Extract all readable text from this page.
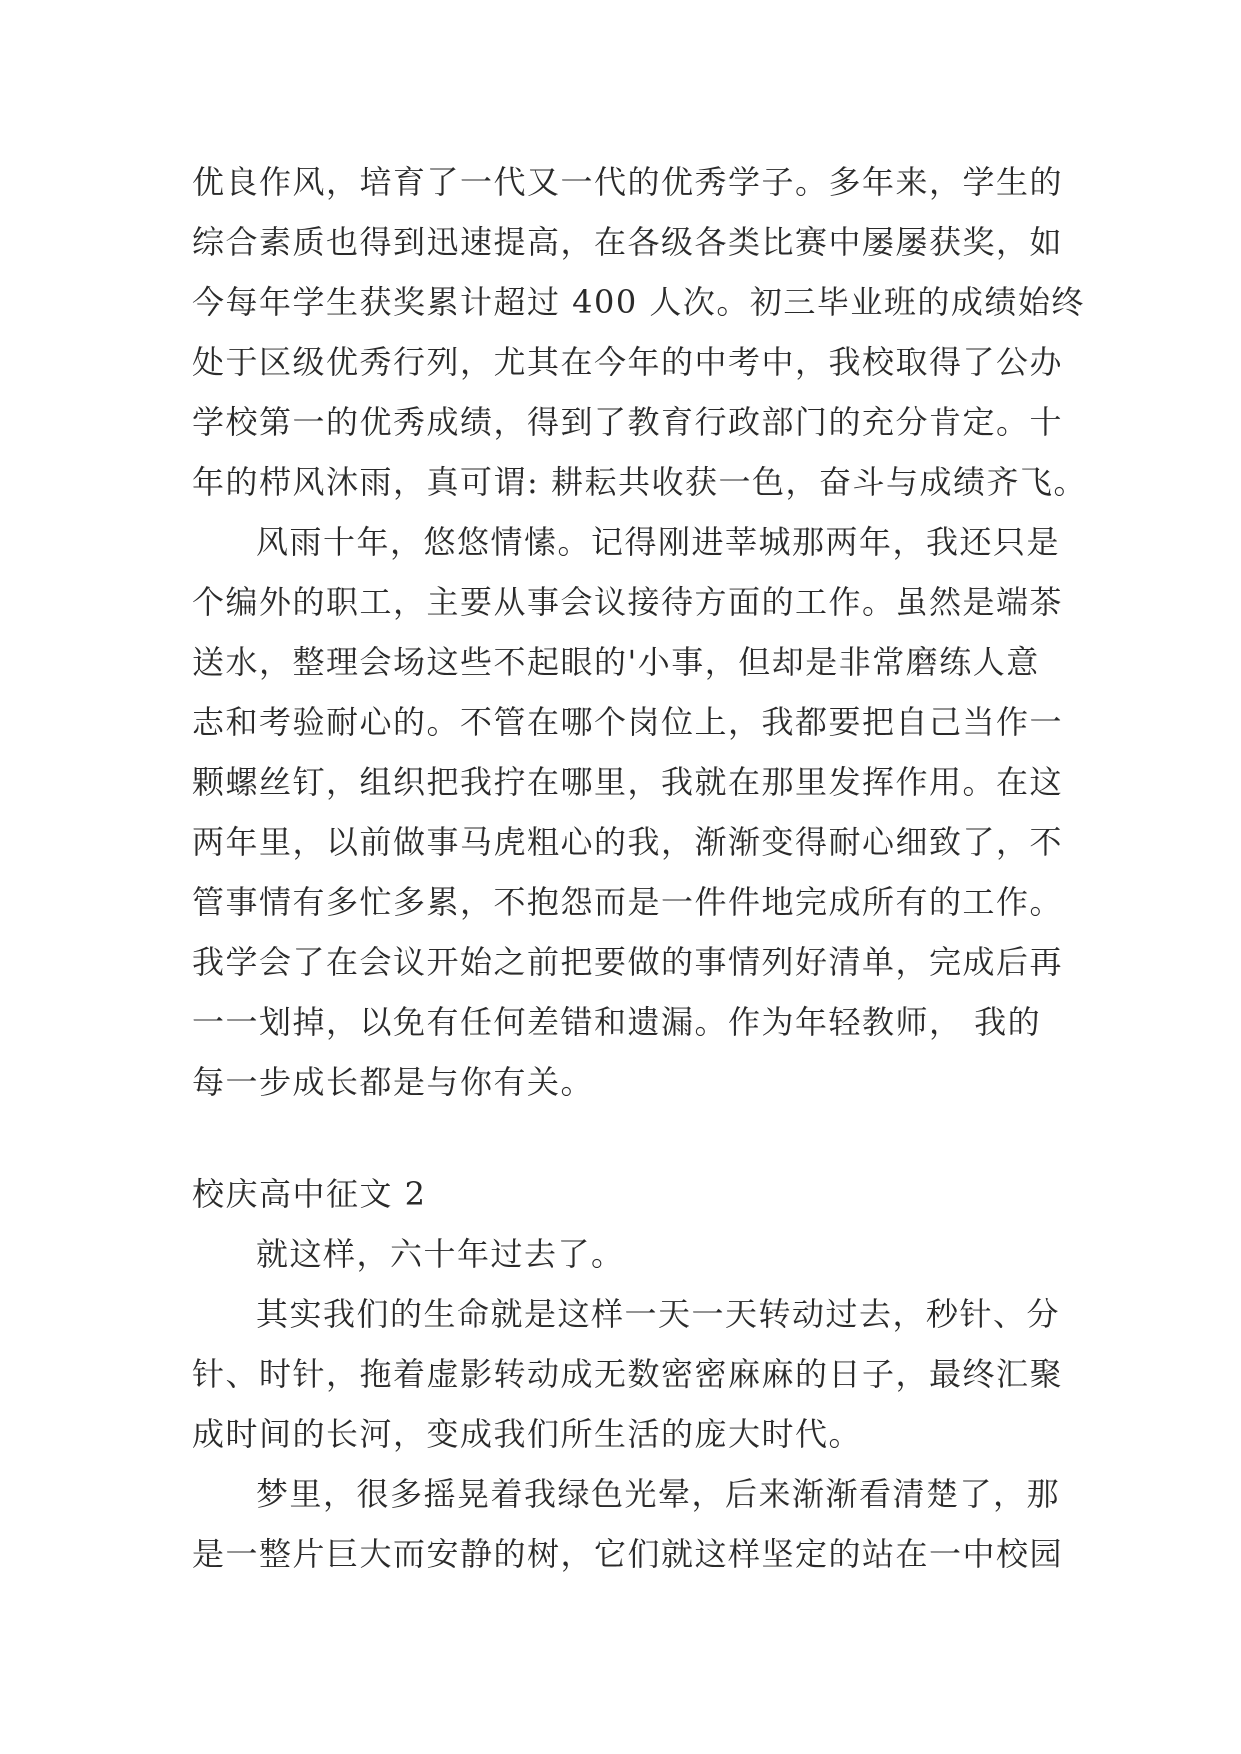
优良作风，培育了一代又一代的优秀学子。多年来，学生的
综合素质也得到迅速提高，在各级各类比赛中屡屡获奖，如
今每年学生获奖累计超过 400 人次。初三毕业班的成绩始终
处于区级优秀行列，尤其在今年的中考中，我校取得了公办
学校第一的优秀成绩，得到了教育行政部门的充分肯定。十
年的栉风沐雨，真可谓: 耕耘共收获一色，奋斗与成绩齐飞。
风雨十年，悠悠情愫。记得刚进莘城那两年，我还只是
个编外的职工，主要从事会议接待方面的工作。虽然是端茶
送水，整理会场这些不起眼的'小事，但却是非常磨练人意
志和考验耐心的。不管在哪个岗位上，我都要把自己当作一
颗螺丝钉，组织把我拧在哪里，我就在那里发挥作用。在这
两年里，以前做事马虎粗心的我，渐渐变得耐心细致了，不
管事情有多忙多累，不抱怨而是一件件地完成所有的工作。
我学会了在会议开始之前把要做的事情列好清单，完成后再
一一划掉，以免有任何差错和遗漏。作为年轻教师， 我的
每一步成长都是与你有关。
校庆高中征文 2
就这样，六十年过去了。
其实我们的生命就是这样一天一天转动过去，秒针、分
针、时针，拖着虚影转动成无数密密麻麻的日子，最终汇聚
成时间的长河，变成我们所生活的庞大时代。
梦里，很多摇晃着我绿色光晕，后来渐渐看清楚了，那
是一整片巨大而安静的树，它们就这样坚定的站在一中校园
